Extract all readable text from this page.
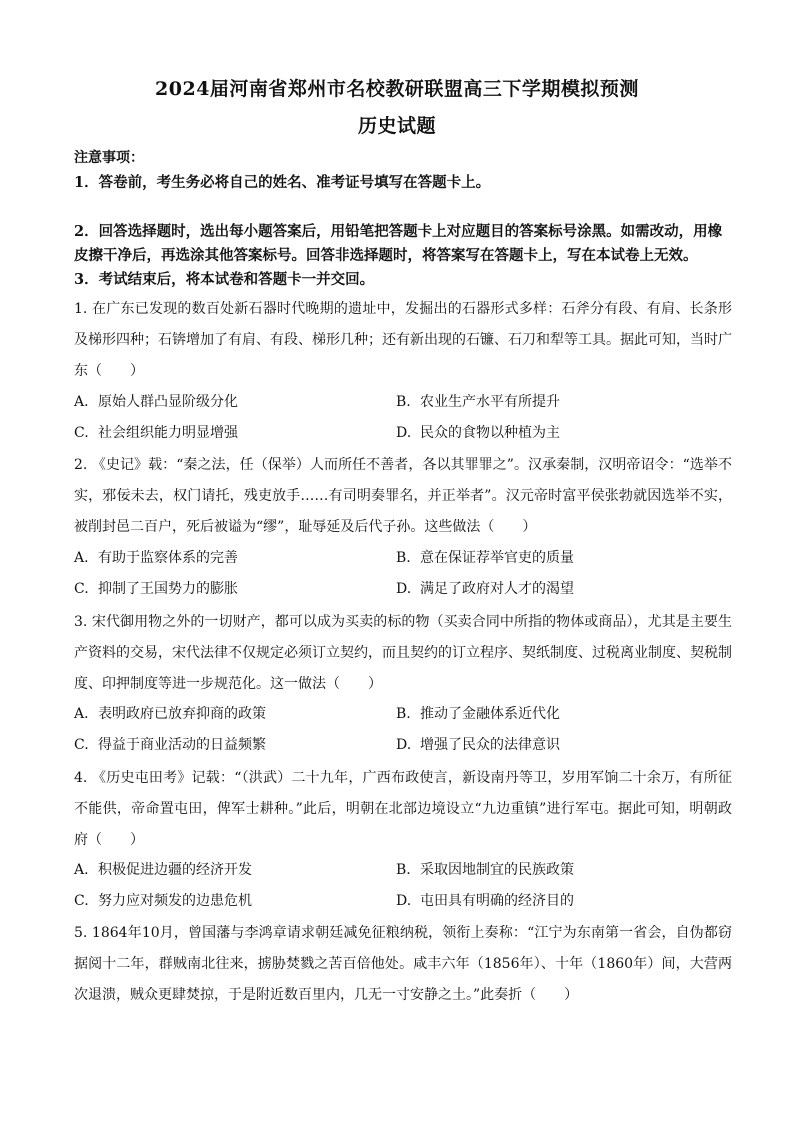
2024届河南省郑州市名校教研联盟高三下学期模拟预测
历史试题
注意事项：
1．答卷前，考生务必将自己的姓名、准考证号填写在答题卡上。
2．回答选择题时，选出每小题答案后，用铅笔把答题卡上对应题目的答案标号涂黑。如需改动，用橡皮擦干净后，再选涂其他答案标号。回答非选择题时，将答案写在答题卡上，写在本试卷上无效。
3．考试结束后，将本试卷和答题卡一并交回。
1. 在广东已发现的数百处新石器时代晚期的遗址中，发掘出的石器形式多样：石斧分有段、有肩、长条形及梯形四种；石锛增加了有肩、有段、梯形几种；还有新出现的石镰、石刀和犁等工具。据此可知，当时广东（　　）
A. 原始人群凸显阶级分化	B. 农业生产水平有所提升
C. 社会组织能力明显增强	D. 民众的食物以种植为主
2. 《史记》载：“秦之法，任（保举）人而所任不善者，各以其罪罪之”。汉承秦制，汉明帝诏令：“选举不实，邪佞未去，权门请托，残吏放手……有司明奏罪名，并正举者”。汉元帝时富平侯张勃就因选举不实，被削封邑二百户，死后被谥为“缪”，耻辱延及后代子孙。这些做法（　　）
A. 有助于监察体系的完善	B. 意在保证荐举官吏的质量
C. 抑制了王国势力的膨胀	D. 满足了政府对人才的渴望
3. 宋代御用物之外的一切财产，都可以成为买卖的标的物（买卖合同中所指的物体或商品），尤其是主要生产资料的交易，宋代法律不仅规定必须订立契约，而且契约的订立程序、契纸制度、过税离业制度、契税制度、印押制度等进一步规范化。这一做法（　　）
A. 表明政府已放弃抑商的政策	B. 推动了金融体系近代化
C. 得益于商业活动的日益频繁	D. 增强了民众的法律意识
4. 《历史屯田考》记载：“（洪武）二十九年，广西布政使言，新设南丹等卫，岁用军饷二十余万，有所征不能供，帝命置屯田，俾军士耕种。”此后，明朝在北部边境设立“九边重镇”进行军屯。据此可知，明朝政府（　　）
A. 积极促进边疆的经济开发	B. 采取因地制宜的民族政策
C. 努力应对频发的边患危机	D. 屯田具有明确的经济目的
5. 1864年10月，曾国藩与李鸿章请求朝廷减免征粮纳税，领衔上奏称：“江宁为东南第一省会，自伪都窃据阅十二年，群贼南北往来，掳胁焚戮之苦百倍他处。咸丰六年（1856年）、十年（1860年）间，大营两次退溃，贼众更肆焚掠，于是附近数百里内，几无一寸安静之土。”此奏折（　　）
